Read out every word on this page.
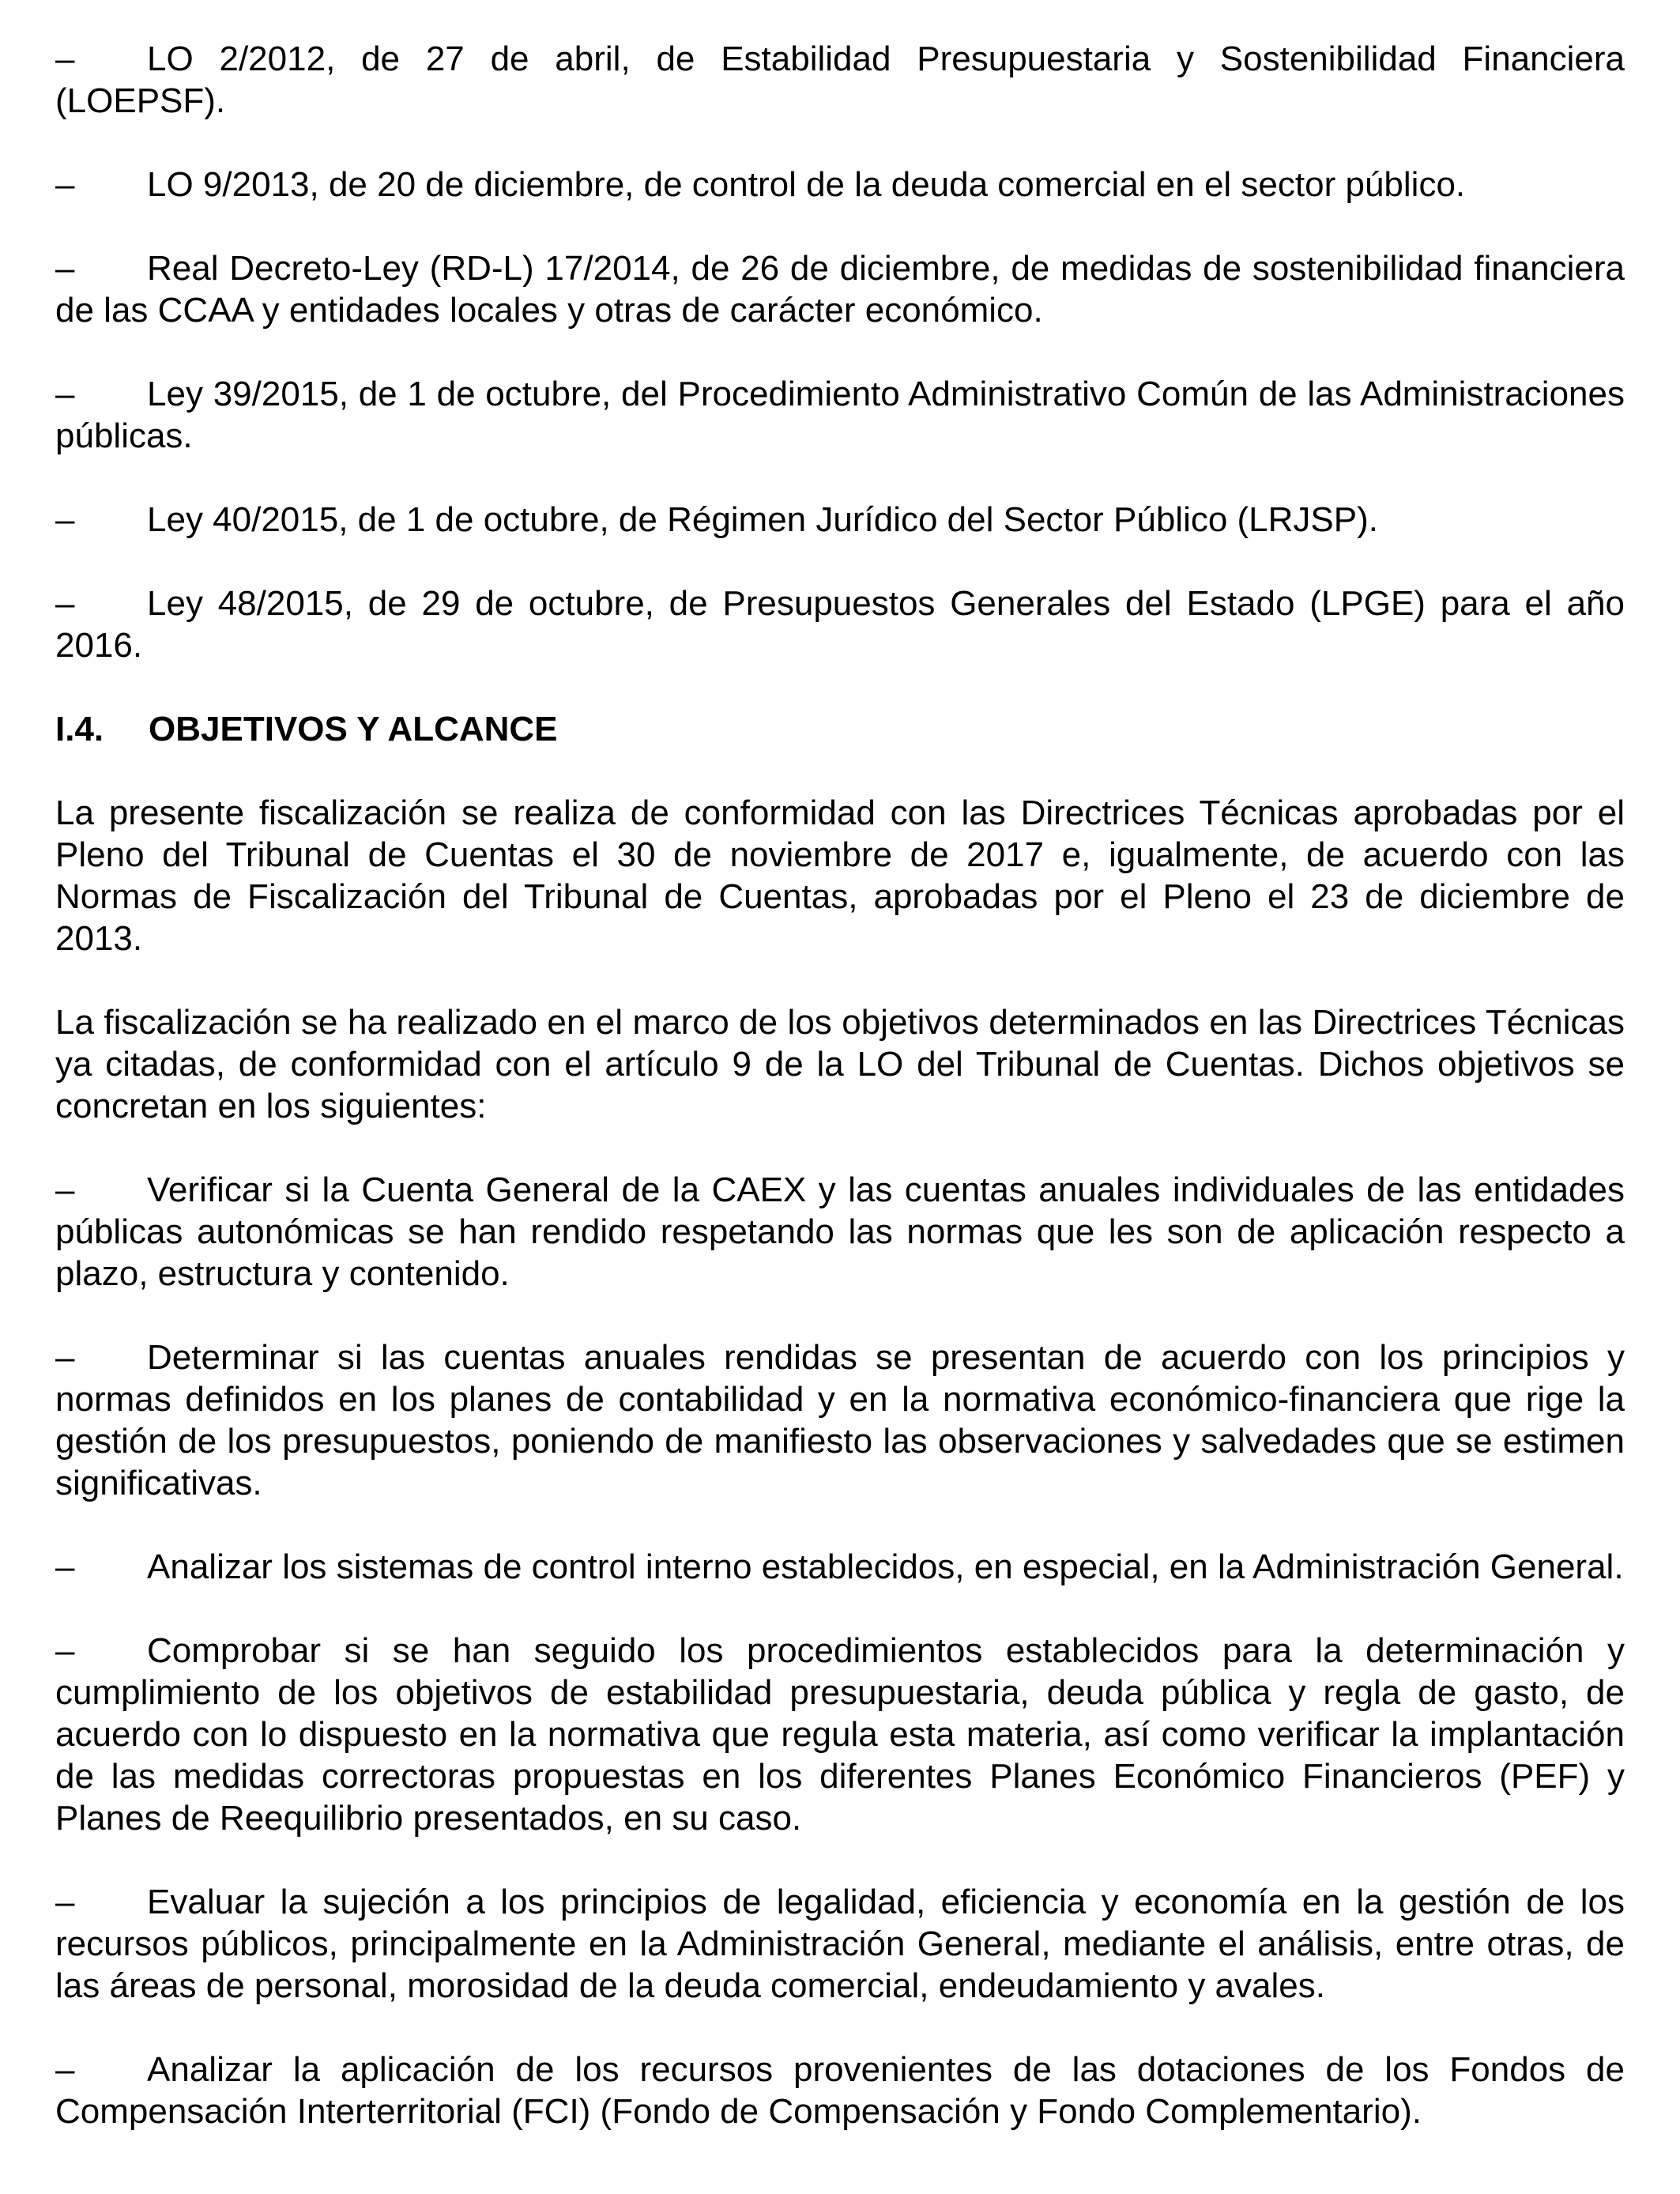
– LO 2/2012, de 27 de abril, de Estabilidad Presupuestaria y Sostenibilidad Financiera (LOEPSF).
– LO 9/2013, de 20 de diciembre, de control de la deuda comercial en el sector público.
– Real Decreto-Ley (RD-L) 17/2014, de 26 de diciembre, de medidas de sostenibilidad financiera de las CCAA y entidades locales y otras de carácter económico.
– Ley 39/2015, de 1 de octubre, del Procedimiento Administrativo Común de las Administraciones públicas.
– Ley 40/2015, de 1 de octubre, de Régimen Jurídico del Sector Público (LRJSP).
– Ley 48/2015, de 29 de octubre, de Presupuestos Generales del Estado (LPGE) para el año 2016.
I.4. OBJETIVOS Y ALCANCE
La presente fiscalización se realiza de conformidad con las Directrices Técnicas aprobadas por el Pleno del Tribunal de Cuentas el 30 de noviembre de 2017 e, igualmente, de acuerdo con las Normas de Fiscalización del Tribunal de Cuentas, aprobadas por el Pleno el 23 de diciembre de 2013.
La fiscalización se ha realizado en el marco de los objetivos determinados en las Directrices Técnicas ya citadas, de conformidad con el artículo 9 de la LO del Tribunal de Cuentas. Dichos objetivos se concretan en los siguientes:
– Verificar si la Cuenta General de la CAEX y las cuentas anuales individuales de las entidades públicas autonómicas se han rendido respetando las normas que les son de aplicación respecto a plazo, estructura y contenido.
– Determinar si las cuentas anuales rendidas se presentan de acuerdo con los principios y normas definidos en los planes de contabilidad y en la normativa económico-financiera que rige la gestión de los presupuestos, poniendo de manifiesto las observaciones y salvedades que se estimen significativas.
– Analizar los sistemas de control interno establecidos, en especial, en la Administración General.
– Comprobar si se han seguido los procedimientos establecidos para la determinación y cumplimiento de los objetivos de estabilidad presupuestaria, deuda pública y regla de gasto, de acuerdo con lo dispuesto en la normativa que regula esta materia, así como verificar la implantación de las medidas correctoras propuestas en los diferentes Planes Económico Financieros (PEF) y Planes de Reequilibrio presentados, en su caso.
– Evaluar la sujeción a los principios de legalidad, eficiencia y economía en la gestión de los recursos públicos, principalmente en la Administración General, mediante el análisis, entre otras, de las áreas de personal, morosidad de la deuda comercial, endeudamiento y avales.
– Analizar la aplicación de los recursos provenientes de las dotaciones de los Fondos de Compensación Interterritorial (FCI) (Fondo de Compensación y Fondo Complementario).
